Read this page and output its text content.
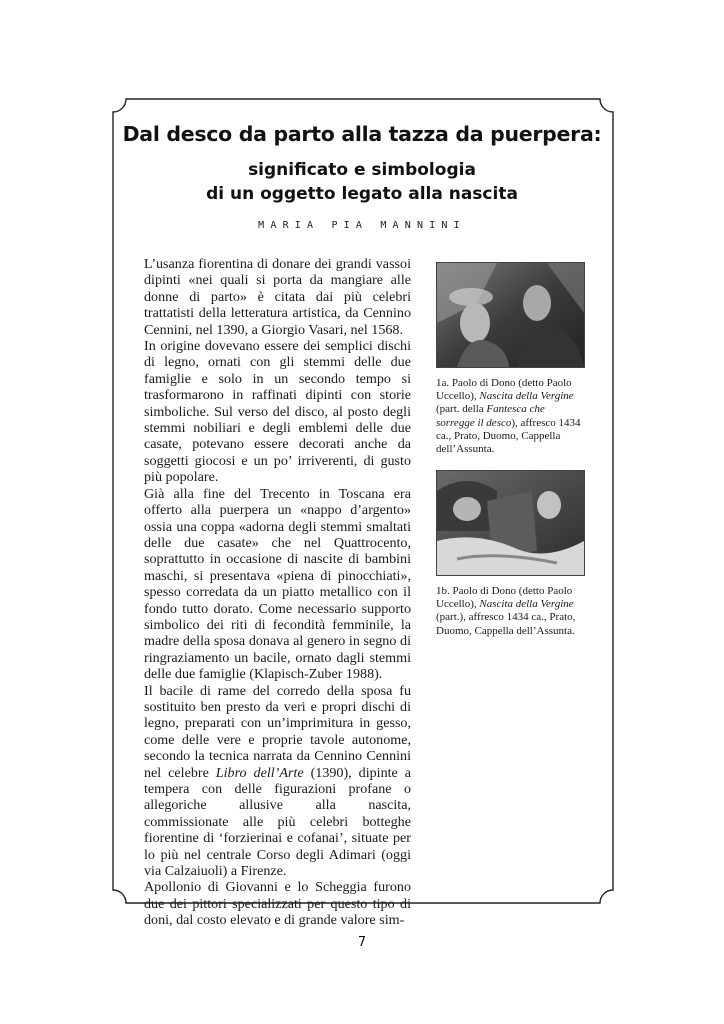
Dal desco da parto alla tazza da puerpera:
significato e simbologia
di un oggetto legato alla nascita
MARIA PIA MANNINI

L’usanza fiorentina di donare dei grandi vassoi dipinti «nei quali si porta da mangiare alle donne di parto» è citata dai più celebri trattatisti della letteratura artistica, da Cennino Cennini, nel 1390, a Giorgio Vasari, nel 1568.

In origine dovevano essere dei semplici dischi di legno, ornati con gli stemmi delle due famiglie e solo in un secondo tempo si trasformarono in raffinati dipinti con storie simboliche. Sul verso del disco, al posto degli stemmi nobiliari e degli emblemi delle due casate, potevano essere decorati anche da soggetti giocosi e un po’ irriverenti, di gusto più popolare.

Già alla fine del Trecento in Toscana era offerto alla puerpera un «nappo d’argento» ossia una coppa «adorna degli stemmi smaltati delle due casate» che nel Quattrocento, soprattutto in occasione di nascite di bambini maschi, si presentava «piena di pinocchiati», spesso corredata da un piatto metallico con il fondo tutto dorato. Come necessario supporto simbolico dei riti di fecondità femminile, la madre della sposa donava al genero in segno di ringraziamento un bacile, ornato dagli stemmi delle due famiglie (Klapisch-Zuber 1988).

Il bacile di rame del corredo della sposa fu sostituito ben presto da veri e propri dischi di legno, preparati con un’imprimitura in gesso, come delle vere e proprie tavole autonome, secondo la tecnica narrata da Cennino Cennini nel celebre Libro dell’Arte (1390), dipinte a tempera con delle figurazioni profane o allegoriche allusive alla nascita, commissionate alle più celebri botteghe fiorentine di ‘forzierinai e cofanai’, situate per lo più nel centrale Corso degli Adimari (oggi via Calzaiuoli) a Firenze.

Apollonio di Giovanni e lo Scheggia furono due dei pittori specializzati per questo tipo di doni, dal costo elevato e di grande valore sim-

1a. Paolo di Dono (detto Paolo Uccello), Nascita della Vergine (part. della Fantesca che sorregge il desco), affresco 1434 ca., Prato, Duomo, Cappella dell’Assunta.
1b. Paolo di Dono (detto Paolo Uccello), Nascita della Vergine (part.), affresco 1434 ca., Prato, Duomo, Cappella dell’Assunta.
7
